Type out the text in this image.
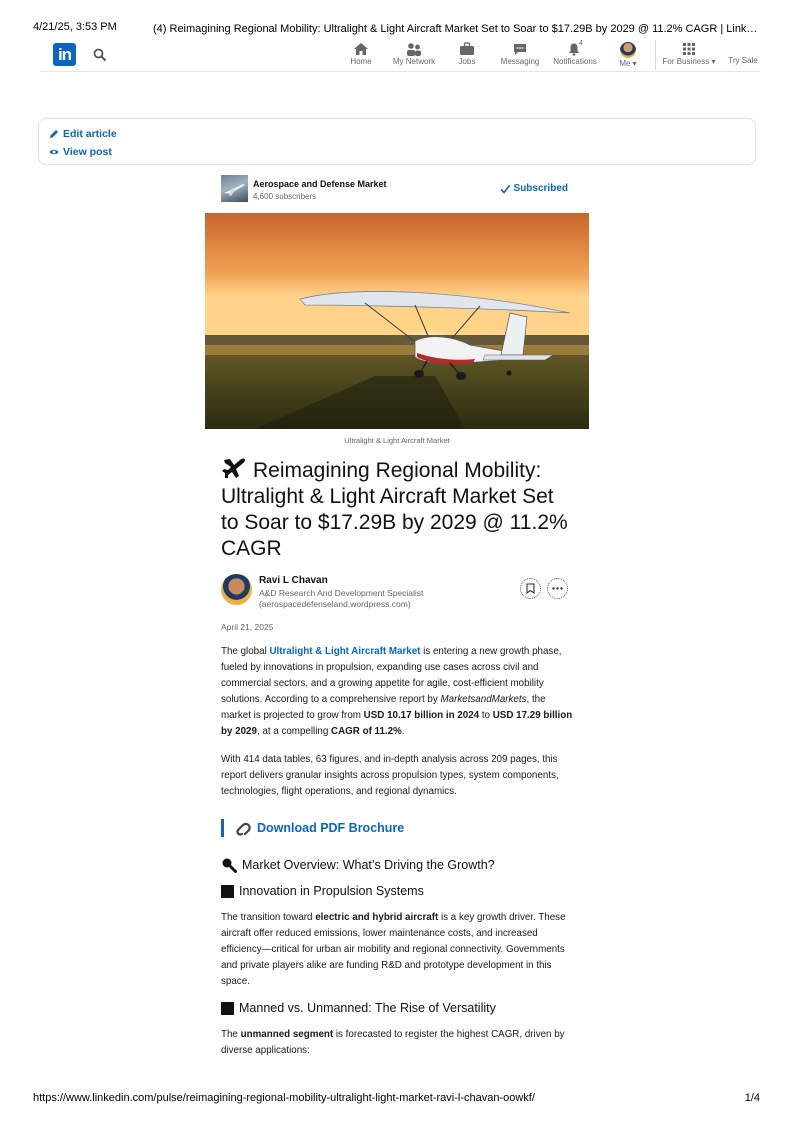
4/21/25, 3:53 PM	(4) Reimagining Regional Mobility: Ultralight & Light Aircraft Market Set to Soar to $17.29B by 2029 @ 11.2% CAGR | Link…
in	Home	My Network	Jobs	Messaging	Notifications
4
Me ▾	For Business ▾ Try Sale
Edit article
View post
Aerospace and Defense Market
4,600 subscribers
Subscribed
Ultralight & Light Aircraft Market
Reimagining Regional Mobility: Ultralight & Light Aircraft Market Set to Soar to $17.29B by 2029 @ 11.2% CAGR
Ravi L Chavan
A&D Research And Development Specialist
(aerospacedefenseland.wordpress.com)
April 21, 2025

The global Ultralight & Light Aircraft Market is entering a new growth phase, fueled by innovations in propulsion, expanding use cases across civil and commercial sectors, and a growing appetite for agile, cost-efficient mobility solutions. According to a comprehensive report by MarketsandMarkets, the market is projected to grow from USD 10.17 billion in 2024 to USD 17.29 billion by 2029, at a compelling CAGR of 11.2%.

With 414 data tables, 63 figures, and in-depth analysis across 209 pages, this report delivers granular insights across propulsion types, system components, technologies, flight operations, and regional dynamics.

Download PDF Brochure
Market Overview: What’s Driving the Growth?
Innovation in Propulsion Systems

The transition toward electric and hybrid aircraft is a key growth driver. These aircraft offer reduced emissions, lower maintenance costs, and increased efficiency—critical for urban air mobility and regional connectivity. Governments and private players alike are funding R&D and prototype development in this space.

Manned vs. Unmanned: The Rise of Versatility

The unmanned segment is forecasted to register the highest CAGR, driven by diverse applications:

https://www.linkedin.com/pulse/reimagining-regional-mobility-ultralight-light-market-ravi-l-chavan-oowkf/	1/4
